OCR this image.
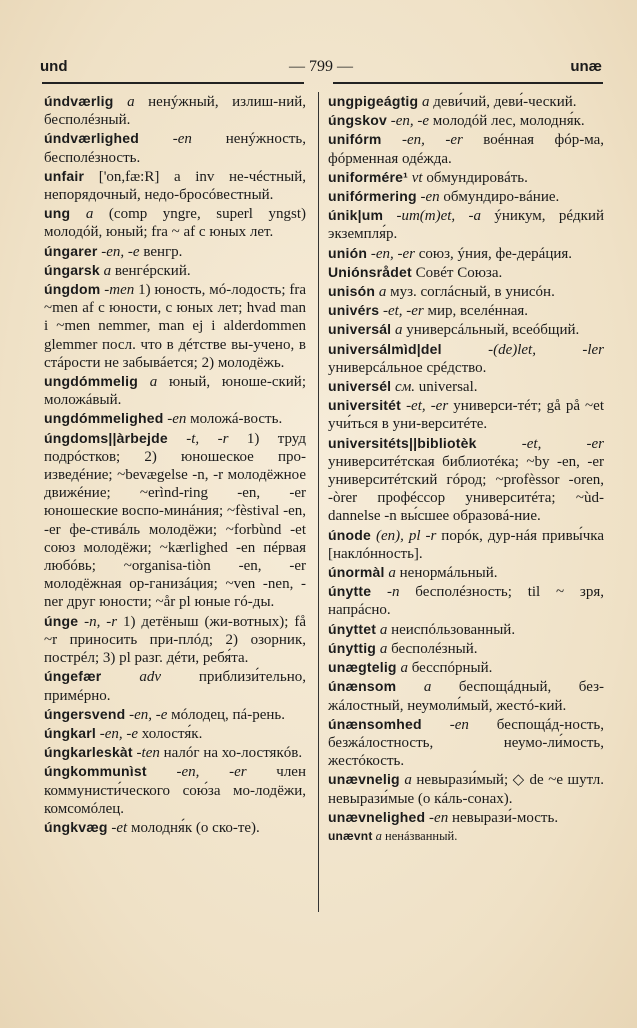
und	— 799 —	unæ

úndværlig a ненýжный, излиш-ний, бесполéзный.

úndværlighed -en ненýжность, бесполéзность.

unfair ['on,fæ:R] a inv не-чéстный, непорядочный, недо-бросóвестный.

ung a (comp yngre, superl yngst) молодóй, юный; fra ~ af с юных лет.

úngarer -en, -e венгр.

úngarsk a венгéрский.

úngdom -men 1) юность, мó-лодость; fra ~men af с юности, с юных лет; hvad man i ~men nemmer, man ej i alderdommen glemmer посл. что в дéтстве вы-учено, в стáрости не забывáется; 2) молодёжь.

ungdómmelig a юный, юноше-ский; моложáвый.

ungdómmelighed -en моложá-вость.

úngdoms||àrbejde -t, -r 1) труд подрóстков; 2) юношеское про-изведéние; ~bevægelse -n, -r молодёжное движéние; ~erìnd-ring -en, -er юношеские воспо-минáния; ~fèstival -en, -er фе-стивáль молодёжи; ~forbùnd -et союз молодёжи; ~kærlighed -en пéрвая любóвь; ~organisa-tiòn -en, -er молодёжная ор-ганизáция; ~ven -nen, -ner друг юности; ~år pl юные гó-ды.

únge -n, -r 1) детёныш (жи-вотных); få ~r приносить при-плóд; 2) озорник, пострéл; 3) pl разг. дéти, ребя́та.

úngefær	adv приблизи́тельно, примéрно.

úngersvend -en, -e мóлодец, пá-рень.

úngkarl -en, -e холостя́к.

úngkarleskàt -ten налóг на хо-лостякóв.

úngkommunìst -en, -er член коммунисти́ческого сою́за мо-лодёжи, комсомóлец.

úngkvæg -et молодня́к (о ско-те).

ungpigeágtig a деви́чий, деви́-ческий.

úngskov -en, -e молодóй лес, молодня́к.

unifórm -en, -er воéнная фóр-ма, фóрменная одéжда.

uniformére¹ vt обмундировáть.

unifórmering -en обмундиро-вáние.

únik|um -um(m)et, -a ýникум, рéдкий экземпля́р.

unión -en, -er союз, ýния, фе-дерáция.

Uniónsrådet Совéт Союза.

unisón a муз. соглáсный, в унисóн.

univérs -et, -er мир, вселéнная.

universál a универсáльный, всеóбщий.

universálmìd|del	-(de)let, -ler универсáльное срéдство.

universél см. universal.

universitét -et, -er универси-тéт; gå på ~et учи́ться в уни-верситéте.

universitéts||bibliotèk	-et, -er университéтская библиотéка; ~by -en, -er университéтский гóрод; ~profèssor -oren, -òrer профéссор университéта; ~ùd-dannelse -n вы́сшее образовá-ние.

únode (en), pl -r порóк, дур-нáя привы́чка [наклóнность].

únormàl a ненормáльный.

únytte -n бесполéзность; til ~ зря, напрáсно.

únyttet a неиспóльзованный.

únyttig a бесполéзный.

unægtelig a бесспóрный.

únænsom a беспощáдный, без-жáлостный, неумоли́мый, жестó-кий.

únænsomhed -en беспощáд-ность, безжáлостность, неумо-ли́мость, жестóкость.

unævnelig a невырази́мый; ◇ de ~e шутл. невырази́мые (о кáль-сонах).

unævnelighed -en невырази́-мость.

unævnt a ненáзванный.
